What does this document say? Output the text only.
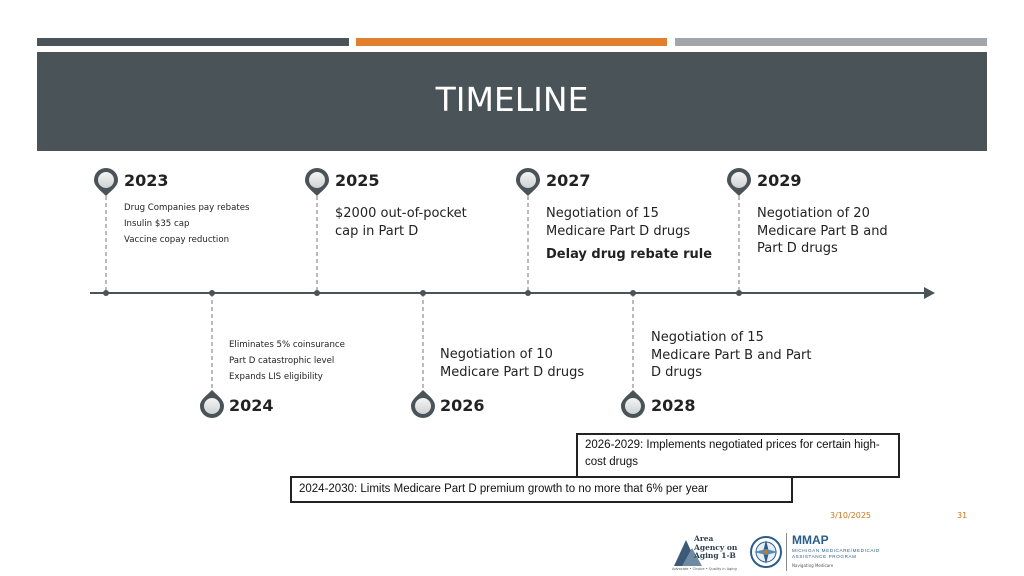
TIMELINE
2023
Drug Companies pay rebates
Insulin $35 cap
Vaccine copay reduction
2025
$2000 out-of-pocket
cap in Part D
2027
Negotiation of 15
Medicare Part D drugs
Delay drug rebate rule
2029
Negotiation of 20
Medicare Part B and
Part D drugs
Eliminates 5% coinsurance
Part D catastrophic level
Expands LIS eligibility
2024
Negotiation of 10
Medicare Part D drugs
2026
Negotiation of 15
Medicare Part B and Part
D drugs
2028
2026-2029: Implements negotiated prices for certain high-cost drugs
2024-2030: Limits Medicare Part D premium growth to no more that 6% per year
3/10/2025	31
Area
Agency on
Aging 1-B
Advocate • Choice • Quality in Aging
MMAP
MICHIGAN MEDICARE/MEDICAID
ASSISTANCE PROGRAM
Navigating Medicare
